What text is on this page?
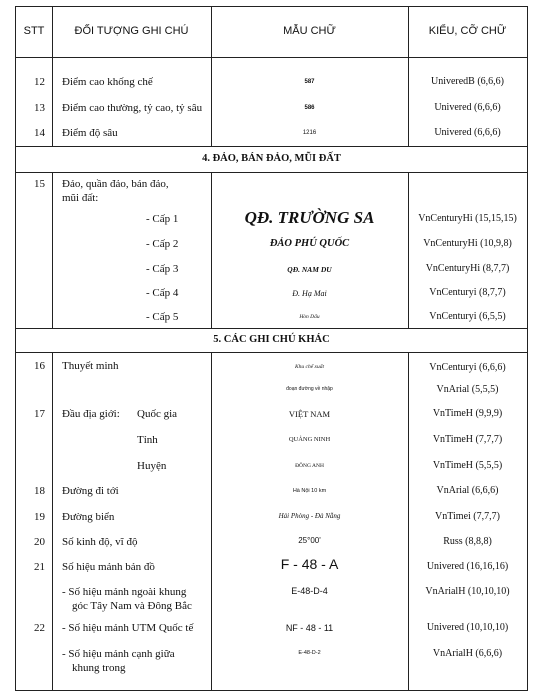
STT	ĐỐI TƯỢNG GHI CHÚ	MẪU CHỮ	KIỂU, CỠ CHỮ
12 Điểm cao khống chế	587	UniveredB (6,6,6)
13 Điểm cao thường, tỷ cao, tỷ sâu	586	Univered (6,6,6)
14 Điểm độ sâu	1216	Univered (6,6,6)
4. ĐẢO, BÁN ĐẢO, MŨI ĐẤT
15 Đảo, quần đảo, bán đảo,
mũi đất:
- Cấp 1	QĐ. TRƯỜNG SA	VnCenturyHi (15,15,15)
- Cấp 2	ĐẢO PHÚ QUỐC	VnCenturyHi (10,9,8)
- Cấp 3	QĐ. NAM DU	VnCenturyHi (8,7,7)
- Cấp 4	Đ. Hạ Mai	VnCenturyi (8,7,7)
- Cấp 5	Hòn Dấu	VnCenturyi (6,5,5)
5. CÁC GHI CHÚ KHÁC
16 Thuyết minh	Khu chế xuất	VnCenturyi (6,6,6)
đoạn đường về nhập	VnArial (5,5,5)
17 Đầu địa giới: Quốc gia	VIỆT NAM	VnTimeH (9,9,9)
Tỉnh	QUẢNG NINH	VnTimeH (7,7,7)
Huyện	ĐÔNG ANH	VnTimeH (5,5,5)
18 Đường đi tới	Hà Nội 10 km	VnArial (6,6,6)
19 Đường biển	Hải Phòng - Đà Nẵng	VnTimei (7,7,7)
20 Số kinh độ, vĩ độ	25°00'	Russ (8,8,8)
21 Số hiệu mảnh bản đồ	F - 48 - A	Univered (16,16,16)
- Số hiệu mảnh ngoài khung
góc Tây Nam và Đông Bắc
E-48-D-4	VnArialH (10,10,10)
22 - Số hiệu mảnh UTM Quốc tế	NF - 48 - 11	Univered (10,10,10)
- Số hiệu mảnh cạnh giữa
khung trong
E-48-D-2	VnArialH (6,6,6)
